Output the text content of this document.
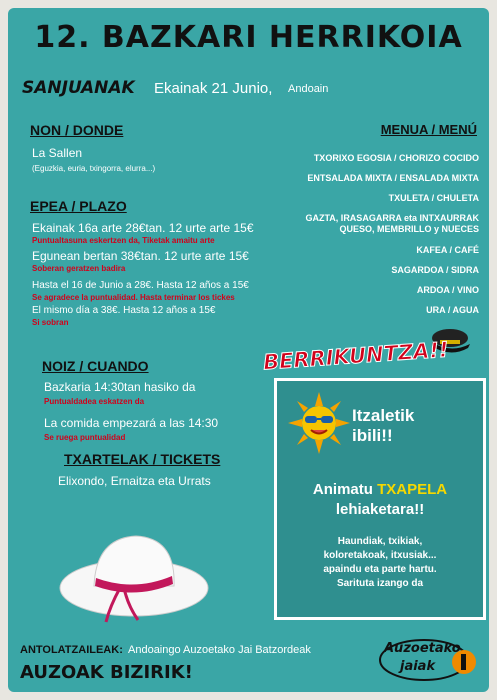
12. BAZKARI HERRIKOIA
SANJUANAK Ekainak 21 Junio, Andoain
NON / DONDE
La Sallen
(Eguzkia, euria, txingorra, elurra...)
EPEA / PLAZO
Ekainak 16a arte 28€tan. 12 urte arte 15€
Puntualtasuna eskertzen da, Tiketak amaitu arte
Egunean bertan 38€tan. 12 urte arte 15€
Soberan geratzen badira
Hasta el 16 de Junio a 28€. Hasta 12 años a 15€
Se agradece la puntualidad. Hasta terminar los tickes
El mismo día a 38€. Hasta 12 años a 15€
Si sobran
NOIZ / CUANDO
Bazkaria 14:30tan hasiko da
Puntualdadea eskatzen da
La comida empezará a las 14:30
Se ruega puntualidad
TXARTELAK / TICKETS
Elixondo, Ernaitza eta Urrats
MENUA / MENÚ
TXORIXO EGOSIA / CHORIZO COCIDO
ENTSALADA MIXTA / ENSALADA MIXTA
TXULETA / CHULETA
GAZTA, IRASAGARRA eta INTXAURRAK
QUESO, MEMBRILLO y NUECES
KAFEA / CAFÉ
SAGARDOA / SIDRA
ARDOA / VINO
URA / AGUA
BERRIKUNTZA!!
Itzaletik
ibili!!
Animatu TXAPELA
lehiaketara!!
Haundiak, txikiak,
koloretakoak, itxusiak...
apaindu eta parte hartu.
Sarituta izango da
ANTOLATZAILEAK: Andoaingo Auzoetako Jai Batzordeak
AUZOAK BIZIRIK!
Auzoetako
jaiak
